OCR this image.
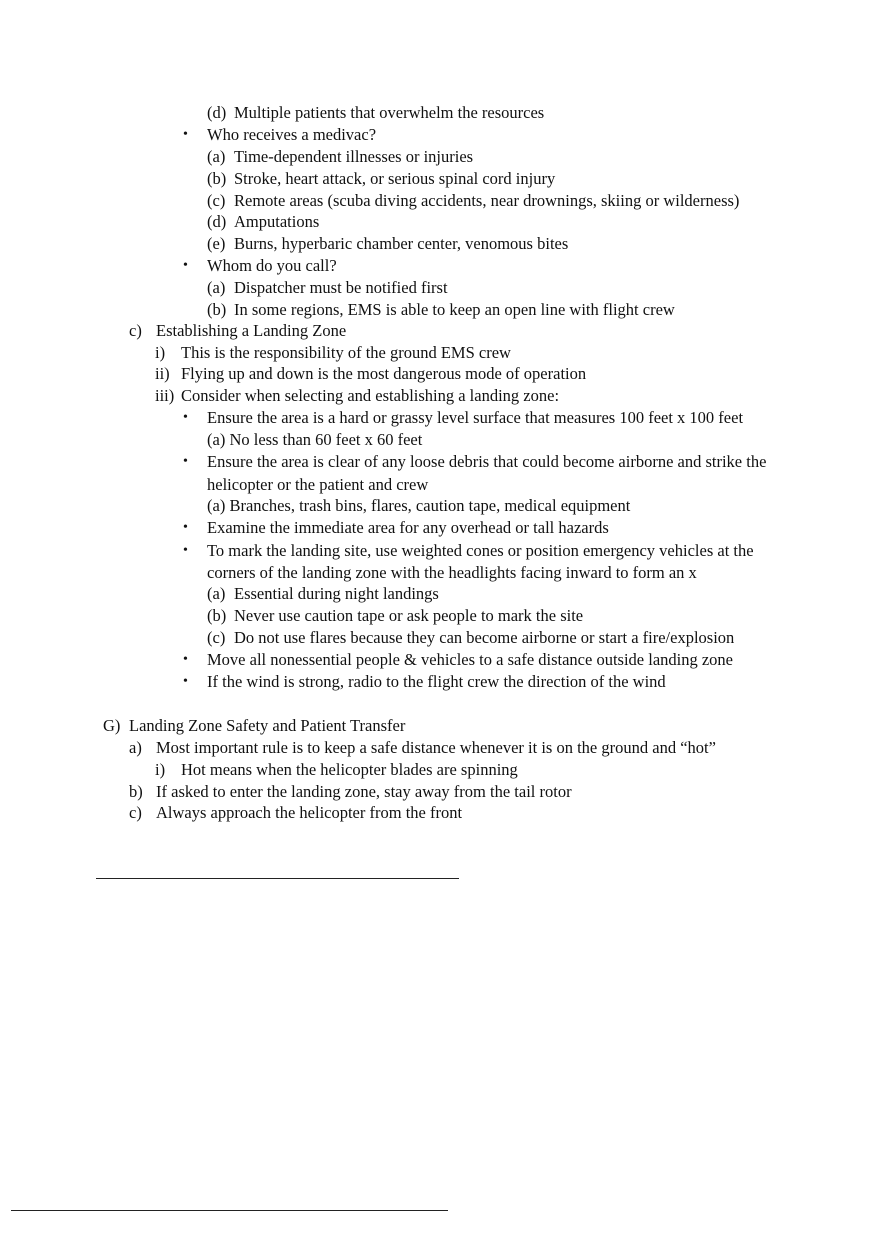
(d) Multiple patients that overwhelm the resources
• Who receives a medivac?
(a) Time-dependent illnesses or injuries
(b) Stroke, heart attack, or serious spinal cord injury
(c) Remote areas (scuba diving accidents, near drownings, skiing or wilderness)
(d) Amputations
(e) Burns, hyperbaric chamber center, venomous bites
• Whom do you call?
(a) Dispatcher must be notified first
(b) In some regions, EMS is able to keep an open line with flight crew
c) Establishing a Landing Zone
i) This is the responsibility of the ground EMS crew
ii) Flying up and down is the most dangerous mode of operation
iii) Consider when selecting and establishing a landing zone:
• Ensure the area is a hard or grassy level surface that measures 100 feet x 100 feet
(a) No less than 60 feet x 60 feet
• Ensure the area is clear of any loose debris that could become airborne and strike the
helicopter or the patient and crew
(a) Branches, trash bins, flares, caution tape, medical equipment
• Examine the immediate area for any overhead or tall hazards
• To mark the landing site, use weighted cones or position emergency vehicles at the
corners of the landing zone with the headlights facing inward to form an x
(a) Essential during night landings
(b) Never use caution tape or ask people to mark the site
(c) Do not use flares because they can become airborne or start a fire/explosion
• Move all nonessential people & vehicles to a safe distance outside landing zone
• If the wind is strong, radio to the flight crew the direction of the wind
G) Landing Zone Safety and Patient Transfer
a) Most important rule is to keep a safe distance whenever it is on the ground and “hot”
i) Hot means when the helicopter blades are spinning
b) If asked to enter the landing zone, stay away from the tail rotor
c) Always approach the helicopter from the front
